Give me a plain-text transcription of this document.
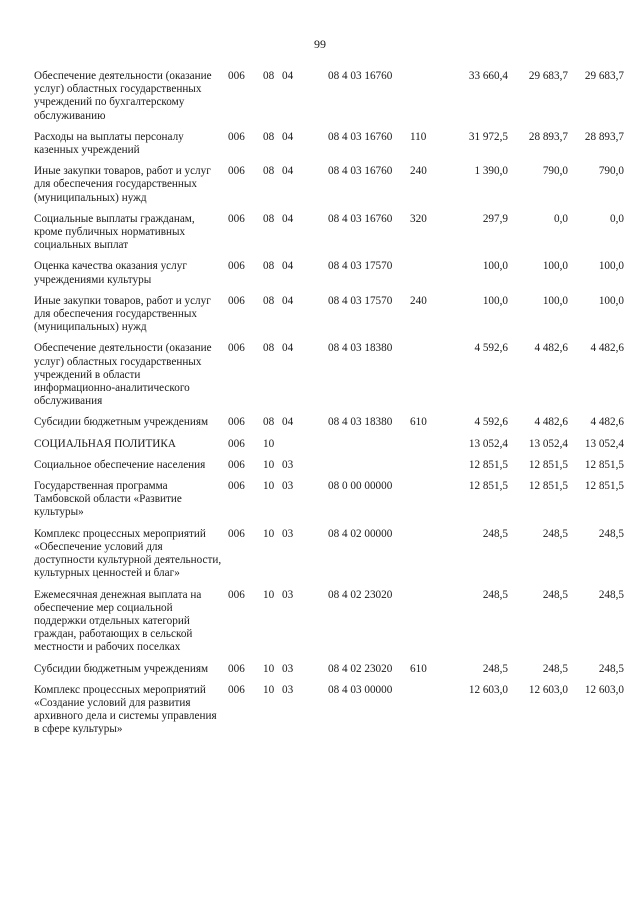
99
Обеспечение деятельности (оказание услуг) областных государственных учреждений по бухгалтерскому обслуживанию	006	08	04	08 4 03 16760		33 660,4	29 683,7	29 683,7
Расходы на выплаты персоналу казенных учреждений	006	08	04	08 4 03 16760	110	31 972,5	28 893,7	28 893,7
Иные закупки товаров, работ и услуг для обеспечения государственных (муниципальных) нужд	006	08	04	08 4 03 16760	240	1 390,0	790,0	790,0
Социальные выплаты гражданам, кроме публичных нормативных социальных выплат	006	08	04	08 4 03 16760	320	297,9	0,0	0,0
Оценка качества оказания услуг учреждениями культуры	006	08	04	08 4 03 17570		100,0	100,0	100,0
Иные закупки товаров, работ и услуг для обеспечения государственных (муниципальных) нужд	006	08	04	08 4 03 17570	240	100,0	100,0	100,0
Обеспечение деятельности (оказание услуг) областных государственных учреждений в области информационно-аналитического обслуживания	006	08	04	08 4 03 18380		4 592,6	4 482,6	4 482,6
Субсидии бюджетным учреждениям	006	08	04	08 4 03 18380	610	4 592,6	4 482,6	4 482,6
СОЦИАЛЬНАЯ ПОЛИТИКА	006	10				13 052,4	13 052,4	13 052,4
Социальное обеспечение населения	006	10	03			12 851,5	12 851,5	12 851,5
Государственная программа Тамбовской области «Развитие культуры»	006	10	03	08 0 00 00000		12 851,5	12 851,5	12 851,5
Комплекс процессных мероприятий «Обеспечение условий для доступности культурной деятельности, культурных ценностей и благ»	006	10	03	08 4 02 00000		248,5	248,5	248,5
Ежемесячная денежная выплата на обеспечение мер социальной поддержки отдельных категорий граждан, работающих в сельской местности и рабочих поселках	006	10	03	08 4 02 23020		248,5	248,5	248,5
Субсидии бюджетным учреждениям	006	10	03	08 4 02 23020	610	248,5	248,5	248,5
Комплекс процессных мероприятий «Создание условий для развития архивного дела и системы управления в сфере культуры»	006	10	03	08 4 03 00000		12 603,0	12 603,0	12 603,0
